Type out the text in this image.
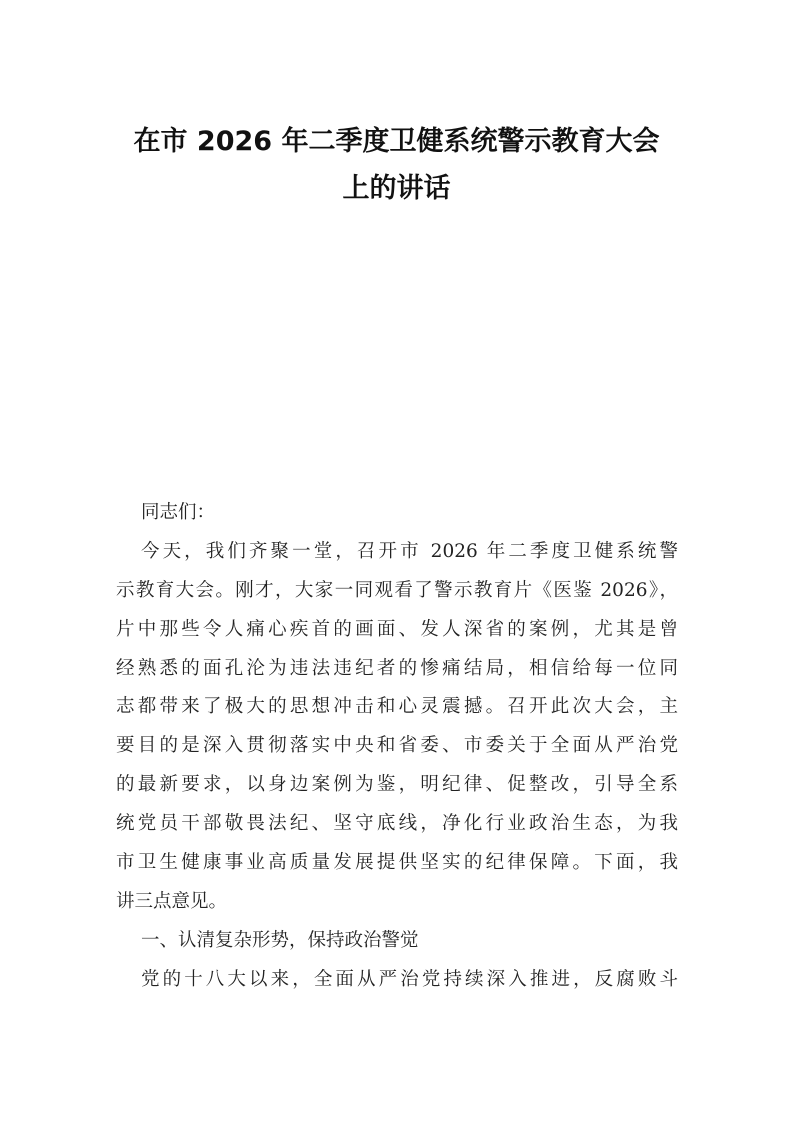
在市 2026 年二季度卫健系统警示教育大会
上的讲话
同志们：
今天，我们齐聚一堂，召开市 2026 年二季度卫健系统警
示教育大会。刚才，大家一同观看了警示教育片《医鉴 2026》，
片中那些令人痛心疾首的画面、发人深省的案例，尤其是曾
经熟悉的面孔沦为违法违纪者的惨痛结局，相信给每一位同
志都带来了极大的思想冲击和心灵震撼。召开此次大会，主
要目的是深入贯彻落实中央和省委、市委关于全面从严治党
的最新要求，以身边案例为鉴，明纪律、促整改，引导全系
统党员干部敬畏法纪、坚守底线，净化行业政治生态，为我
市卫生健康事业高质量发展提供坚实的纪律保障。下面，我
讲三点意见。
一、认清复杂形势，保持政治警觉
党的十八大以来，全面从严治党持续深入推进，反腐败斗
